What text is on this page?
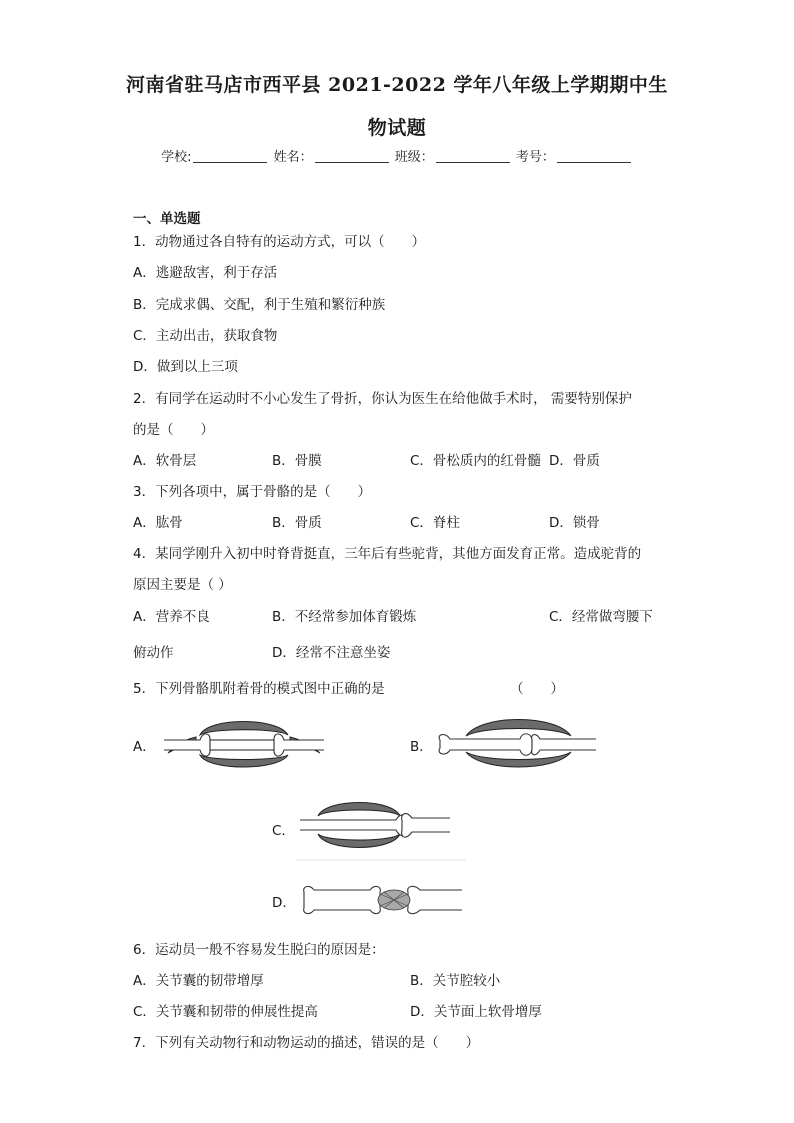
河南省驻马店市西平县 2021-2022 学年八年级上学期期中生
物试题
学校:	姓名：	班级：	考号：
一、单选题
1．动物通过各自特有的运动方式，可以（　　）
A．逃避敌害，利于存活
B．完成求偶、交配，利于生殖和繁衍种族
C．主动出击，获取食物
D．做到以上三项
2．有同学在运动时不小心发生了骨折，你认为医生在给他做手术时， 需要特别保护
的是（　　）
A．软骨层	B．骨膜	C．骨松质内的红骨髓 D．骨质
3．下列各项中，属于骨骼的是（　　）
A．肱骨	B．骨质	C．脊柱	D．锁骨
4．某同学刚升入初中时脊背挺直，三年后有些驼背，其他方面发育正常。造成驼背的
原因主要是（ ）
A．营养不良	B．不经常参加体育锻炼	C．经常做弯腰下
俯动作	D．经常不注意坐姿
5．下列骨骼肌附着骨的模式图中正确的是	（　　）
A．	B．
C．
D．
6．运动员一般不容易发生脱臼的原因是：
A．关节囊的韧带增厚	B．关节腔较小
C．关节囊和韧带的伸展性提高	D．关节面上软骨增厚
7．下列有关动物行和动物运动的描述，错误的是（　　）
